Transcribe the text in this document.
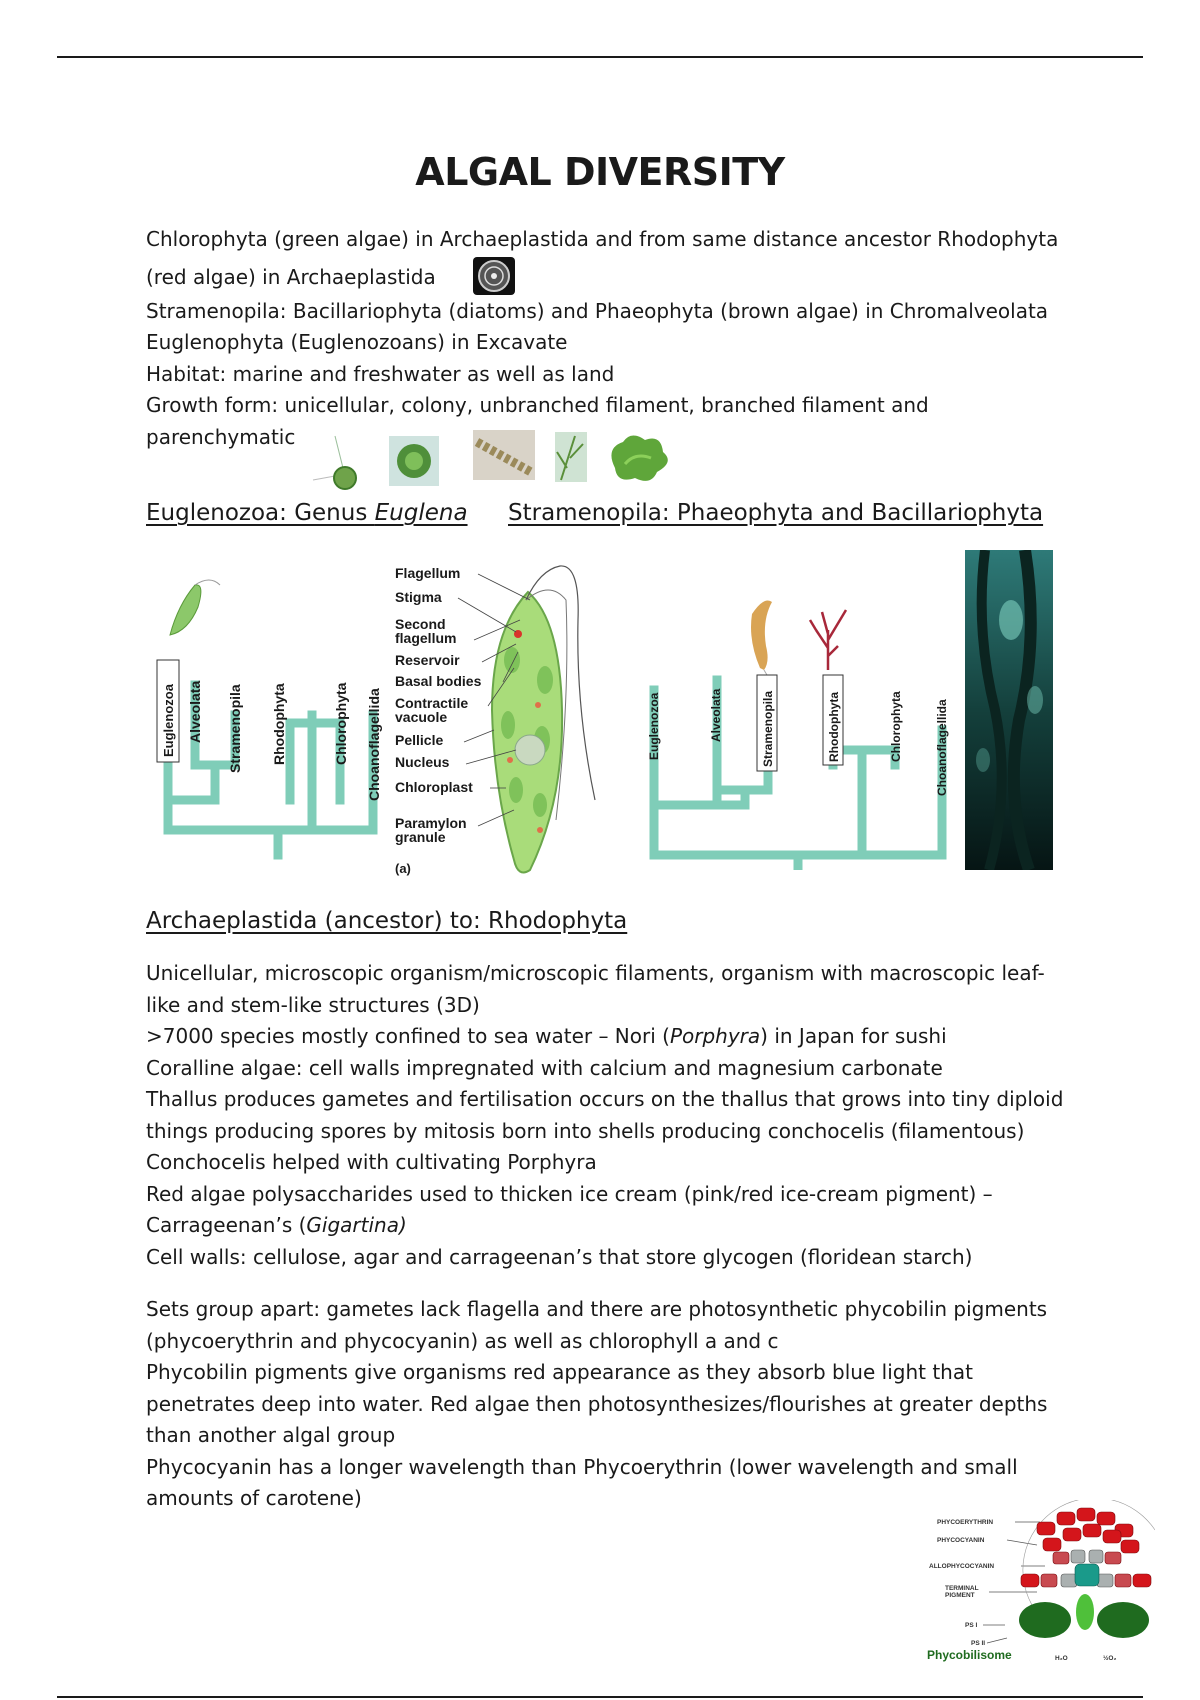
ALGAL DIVERSITY

Chlorophyta (green algae) in Archaeplastida and from same distance ancestor Rhodophyta (red algae) in Archaeplastida

Stramenopila: Bacillariophyta (diatoms) and Phaeophyta (brown algae) in Chromalveolata

Euglenophyta (Euglenozoans) in Excavate

Habitat: marine and freshwater as well as land

Growth form: unicellular, colony, unbranched filament, branched filament and parenchymatic

Euglenozoa: Genus Euglena Stramenopila: Phaeophyta and Bacillariophyta
Euglenozoa Alveolata Stramenopila Rhodophyta	Chlorophyta Choanoflagellida
Flagellum
Stigma
Second
flagellum
Reservoir
Basal bodies
Contractile
vacuole
Pellicle
Nucleus
Chloroplast
Paramylon
granule
(a)
Euglenozoa	Alveolata	Stramenopila	Rhodophyta	Chlorophyta	Choanoflagellida
Archaeplastida (ancestor) to: Rhodophyta

Unicellular, microscopic organism/microscopic filaments, organism with macroscopic leaf-like and stem-like structures (3D)

>7000 species mostly confined to sea water – Nori (Porphyra) in Japan for sushi

Coralline algae: cell walls impregnated with calcium and magnesium carbonate

Thallus produces gametes and fertilisation occurs on the thallus that grows into tiny diploid things producing spores by mitosis born into shells producing conchocelis (filamentous)

Conchocelis helped with cultivating Porphyra

Red algae polysaccharides used to thicken ice cream (pink/red ice-cream pigment) –

Carrageenan’s (Gigartina)

Cell walls: cellulose, agar and carrageenan’s that store glycogen (floridean starch)

Sets group apart: gametes lack flagella and there are photosynthetic phycobilin pigments (phycoerythrin and phycocyanin) as well as chlorophyll a and c

Phycobilin pigments give organisms red appearance as they absorb blue light that penetrates deep into water. Red algae then photosynthesizes/flourishes at greater depths than another algal group

Phycocyanin has a longer wavelength than Phycoerythrin (lower wavelength and small amounts of carotene)

PHYCOERYTHRIN
PHYCOCYANIN
ALLOPHYCOCYANIN
TERMINAL
PIGMENT
PS I
PS II
H₂O	½O₂
Phycobilisome
